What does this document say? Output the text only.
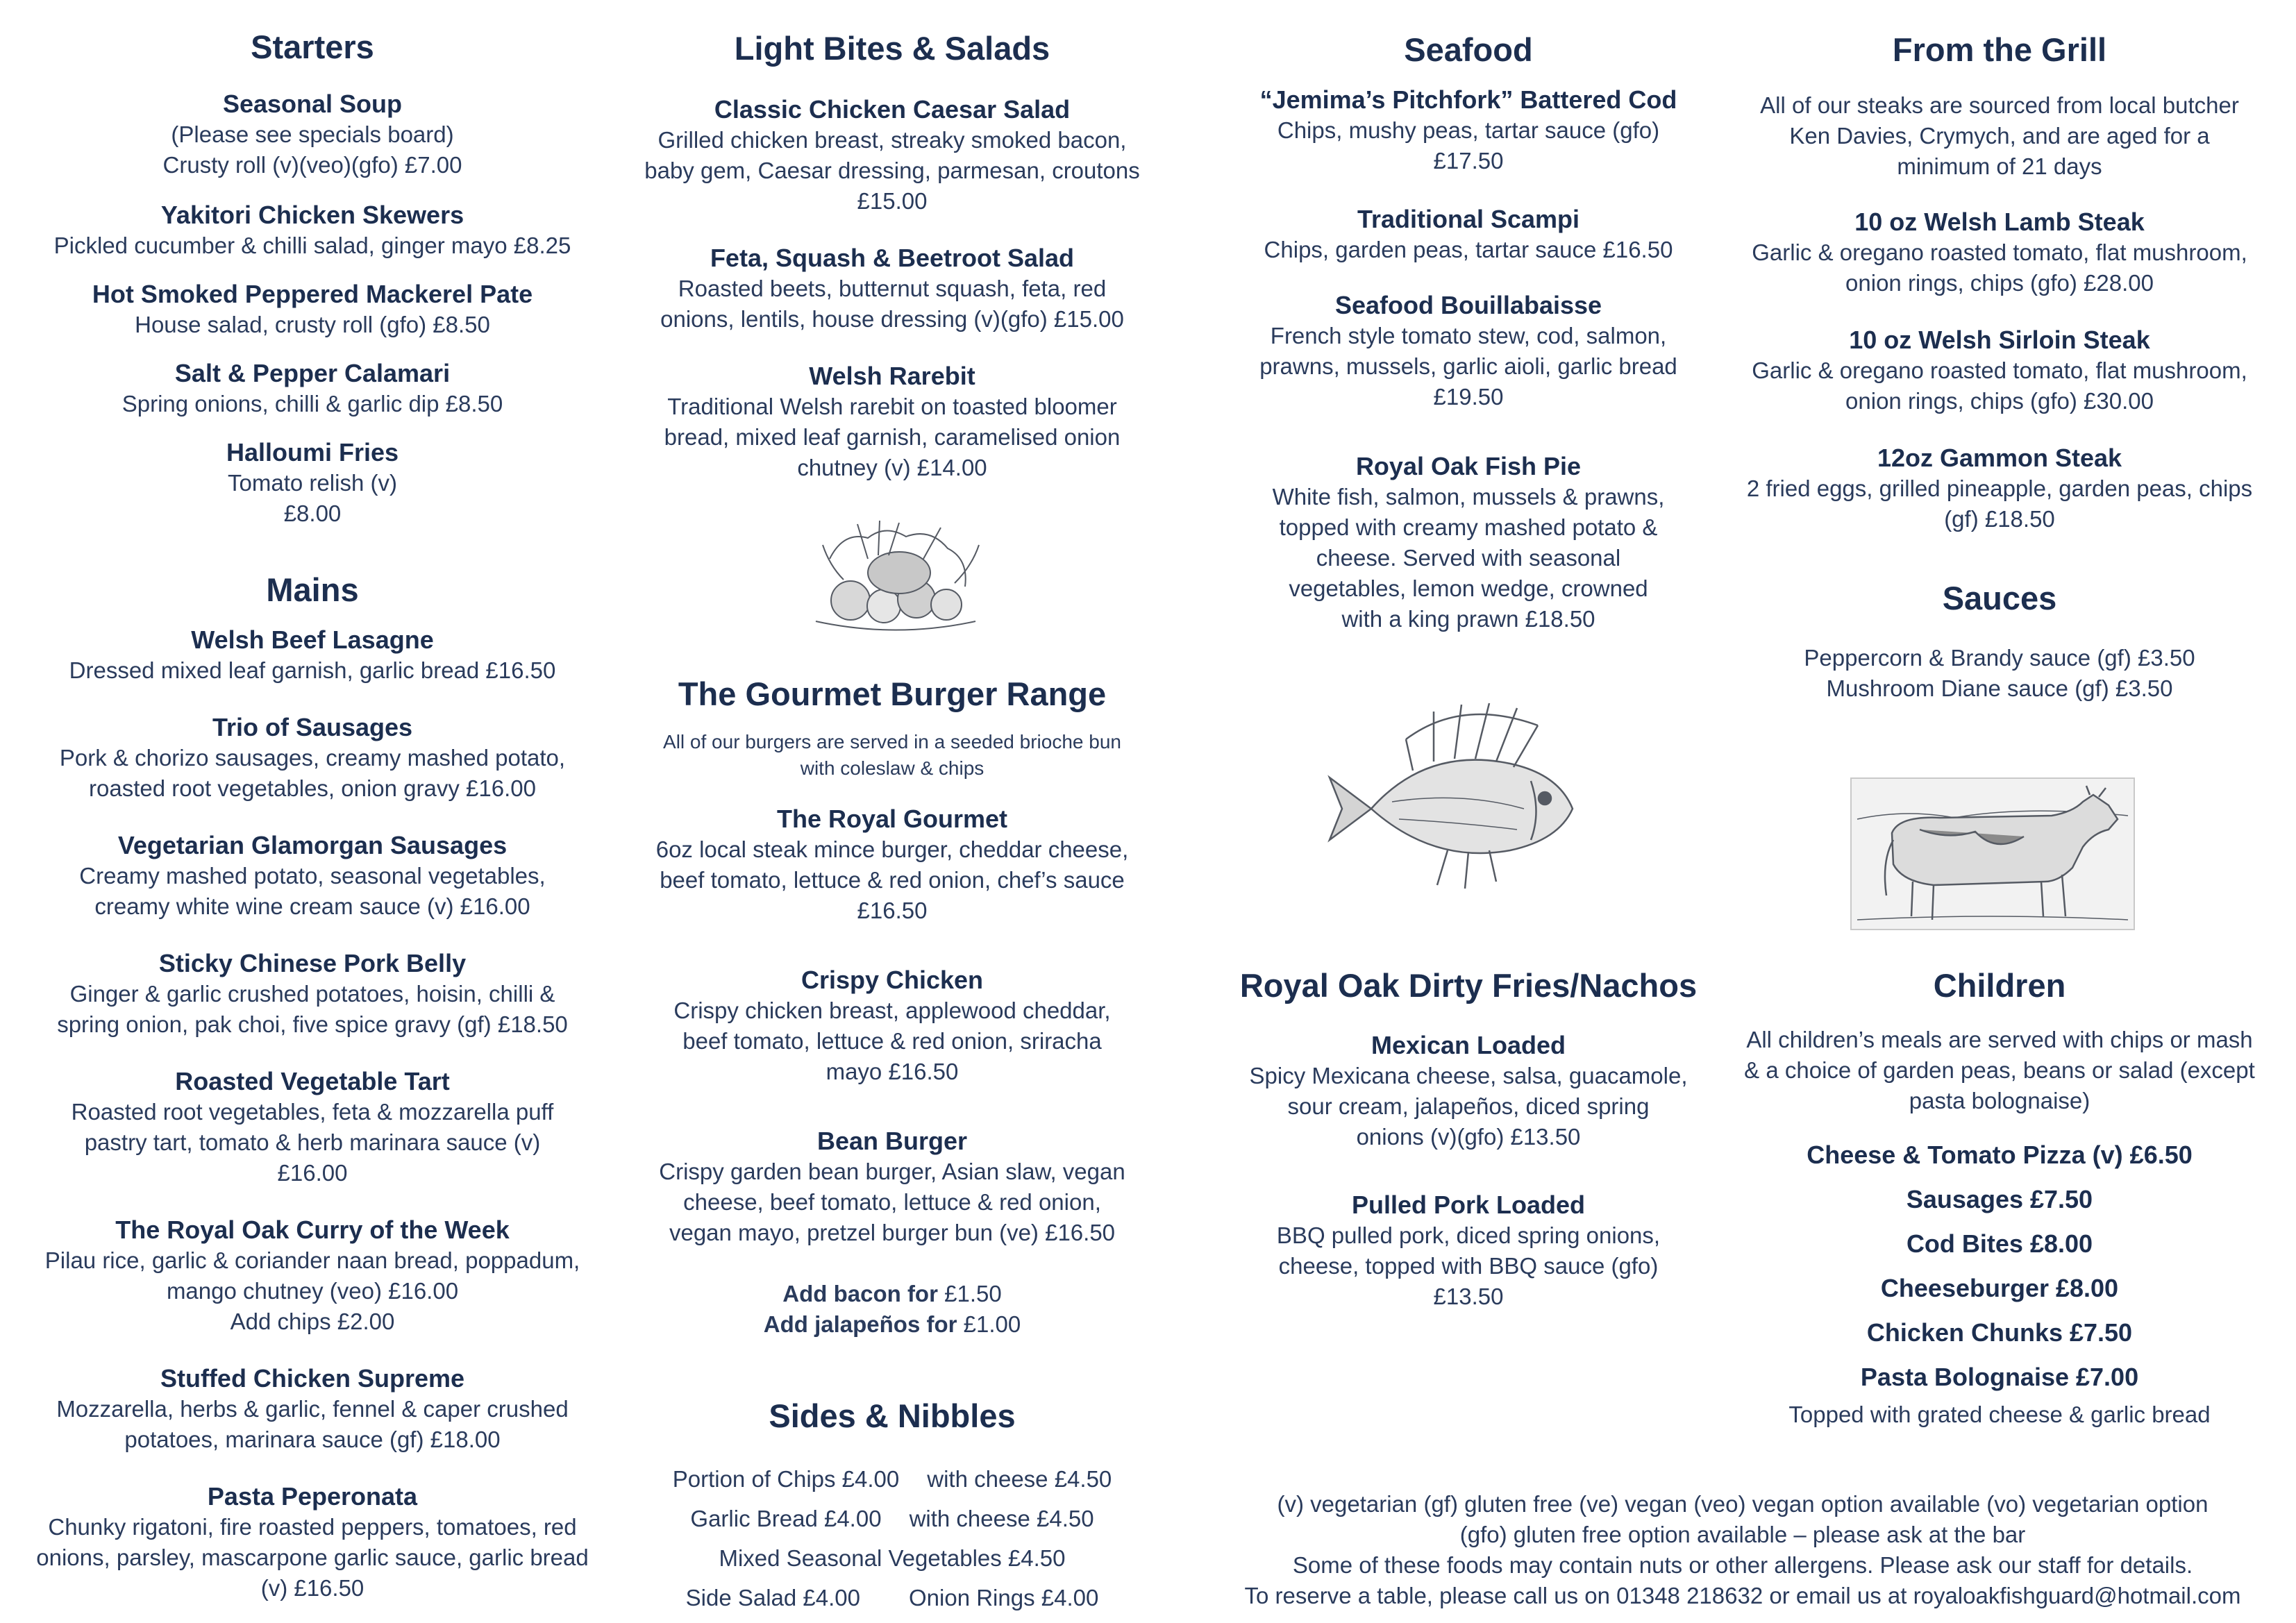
Starters
Seasonal Soup
(Please see specials board)
Crusty roll (v)(veo)(gfo) £7.00
Yakitori Chicken Skewers
Pickled cucumber & chilli salad, ginger mayo £8.25
Hot Smoked Peppered Mackerel Pate
House salad, crusty roll (gfo) £8.50
Salt & Pepper Calamari
Spring onions, chilli & garlic dip £8.50
Halloumi Fries
Tomato relish (v)
£8.00
Mains
Welsh Beef Lasagne
Dressed mixed leaf garnish, garlic bread £16.50
Trio of Sausages
Pork & chorizo sausages, creamy mashed potato,
roasted root vegetables, onion gravy £16.00
Vegetarian Glamorgan Sausages
Creamy mashed potato, seasonal vegetables,
creamy white wine cream sauce (v) £16.00
Sticky Chinese Pork Belly
Ginger & garlic crushed potatoes, hoisin, chilli &
spring onion, pak choi, five spice gravy (gf) £18.50
Roasted Vegetable Tart
Roasted root vegetables, feta & mozzarella puff
pastry tart, tomato & herb marinara sauce (v)
£16.00
The Royal Oak Curry of the Week
Pilau rice, garlic & coriander naan bread, poppadum,
mango chutney (veo) £16.00
Add chips £2.00
Stuffed Chicken Supreme
Mozzarella, herbs & garlic, fennel & caper crushed
potatoes, marinara sauce (gf) £18.00
Pasta Peperonata
Chunky rigatoni, fire roasted peppers, tomatoes, red
onions, parsley, mascarpone garlic sauce, garlic bread
(v) £16.50
Light Bites & Salads
Classic Chicken Caesar Salad
Grilled chicken breast, streaky smoked bacon,
baby gem, Caesar dressing, parmesan, croutons
£15.00
Feta, Squash & Beetroot Salad
Roasted beets, butternut squash, feta, red
onions, lentils, house dressing (v)(gfo) £15.00
Welsh Rarebit
Traditional Welsh rarebit on toasted bloomer
bread, mixed leaf garnish, caramelised onion
chutney (v) £14.00
The Gourmet Burger Range
All of our burgers are served in a seeded brioche bun
with coleslaw & chips
The Royal Gourmet
6oz local steak mince burger, cheddar cheese,
beef tomato, lettuce & red onion, chef’s sauce
£16.50
Crispy Chicken
Crispy chicken breast, applewood cheddar,
beef tomato, lettuce & red onion, sriracha
mayo £16.50
Bean Burger
Crispy garden bean burger, Asian slaw, vegan
cheese, beef tomato, lettuce & red onion,
vegan mayo, pretzel burger bun (ve) £16.50
Add bacon for £1.50
Add jalapeños for £1.00
Sides & Nibbles
Portion of Chips £4.00 with cheese £4.50
Garlic Bread £4.00 with cheese £4.50
Mixed Seasonal Vegetables £4.50
Side Salad £4.00 Onion Rings £4.00
Seafood
“Jemima’s Pitchfork” Battered Cod
Chips, mushy peas, tartar sauce (gfo)
£17.50
Traditional Scampi
Chips, garden peas, tartar sauce £16.50
Seafood Bouillabaisse
French style tomato stew, cod, salmon,
prawns, mussels, garlic aioli, garlic bread
£19.50
Royal Oak Fish Pie
White fish, salmon, mussels & prawns,
topped with creamy mashed potato &
cheese. Served with seasonal
vegetables, lemon wedge, crowned
with a king prawn £18.50
Royal Oak Dirty Fries/Nachos
Mexican Loaded
Spicy Mexicana cheese, salsa, guacamole,
sour cream, jalapeños, diced spring
onions (v)(gfo) £13.50
Pulled Pork Loaded
BBQ pulled pork, diced spring onions,
cheese, topped with BBQ sauce (gfo)
£13.50
From the Grill
All of our steaks are sourced from local butcher
Ken Davies, Crymych, and are aged for a
minimum of 21 days
10 oz Welsh Lamb Steak
Garlic & oregano roasted tomato, flat mushroom,
onion rings, chips (gfo) £28.00
10 oz Welsh Sirloin Steak
Garlic & oregano roasted tomato, flat mushroom,
onion rings, chips (gfo) £30.00
12oz Gammon Steak
2 fried eggs, grilled pineapple, garden peas, chips
(gf) £18.50
Sauces
Peppercorn & Brandy sauce (gf) £3.50
Mushroom Diane sauce (gf) £3.50
Children
All children’s meals are served with chips or mash
& a choice of garden peas, beans or salad (except
pasta bolognaise)
Cheese & Tomato Pizza (v) £6.50
Sausages £7.50
Cod Bites £8.00
Cheeseburger £8.00
Chicken Chunks £7.50
Pasta Bolognaise £7.00
Topped with grated cheese & garlic bread
(v) vegetarian (gf) gluten free (ve) vegan (veo) vegan option available (vo) vegetarian option
(gfo) gluten free option available – please ask at the bar
Some of these foods may contain nuts or other allergens. Please ask our staff for details.
To reserve a table, please call us on 01348 218632 or email us at royaloakfishguard@hotmail.com
